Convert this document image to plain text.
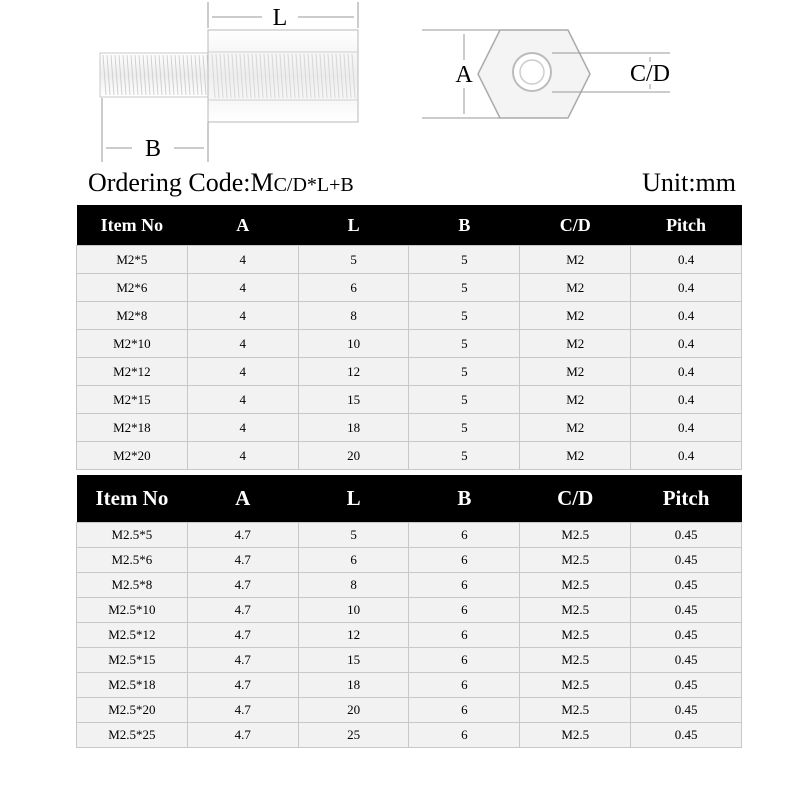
L
B
A	C/D
Ordering Code:MC/D*L+B	Unit:mm
Item No	A	L	B	C/D	Pitch
M2*5	4	5	5	M2	0.4
M2*6	4	6	5	M2	0.4
M2*8	4	8	5	M2	0.4
M2*10	4	10	5	M2	0.4
M2*12	4	12	5	M2	0.4
M2*15	4	15	5	M2	0.4
M2*18	4	18	5	M2	0.4
M2*20	4	20	5	M2	0.4
Item No	A	L	B	C/D	Pitch
M2.5*5	4.7	5	6	M2.5	0.45
M2.5*6	4.7	6	6	M2.5	0.45
M2.5*8	4.7	8	6	M2.5	0.45
M2.5*10	4.7	10	6	M2.5	0.45
M2.5*12	4.7	12	6	M2.5	0.45
M2.5*15	4.7	15	6	M2.5	0.45
M2.5*18	4.7	18	6	M2.5	0.45
M2.5*20	4.7	20	6	M2.5	0.45
M2.5*25	4.7	25	6	M2.5	0.45
